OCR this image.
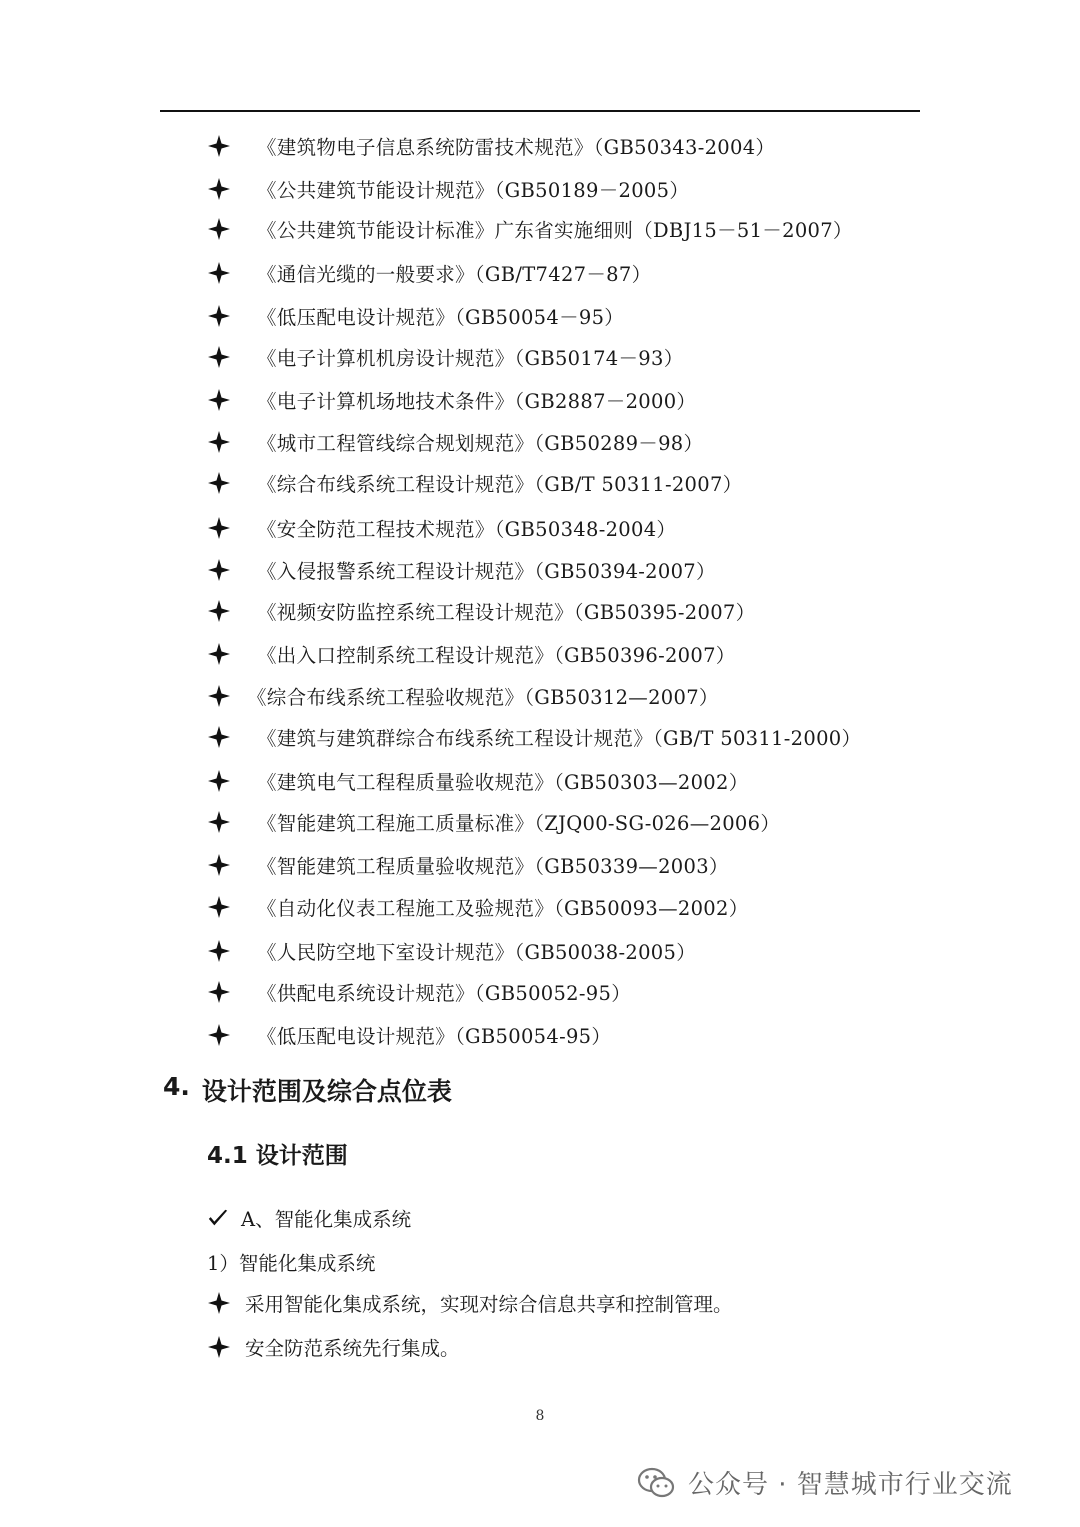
《建筑物电子信息系统防雷技术规范》（GB50343-2004）
《公共建筑节能设计规范》（GB50189－2005）
《公共建筑节能设计标准》广东省实施细则（DBJ15－51－2007）
《通信光缆的一般要求》（GB/T7427－87）
《低压配电设计规范》（GB50054－95）
《电子计算机机房设计规范》（GB50174－93）
《电子计算机场地技术条件》（GB2887－2000）
《城市工程管线综合规划规范》（GB50289－98）
《综合布线系统工程设计规范》（GB/T 50311-2007）
《安全防范工程技术规范》（GB50348-2004）
《入侵报警系统工程设计规范》（GB50394-2007）
《视频安防监控系统工程设计规范》（GB50395-2007）
《出入口控制系统工程设计规范》（GB50396-2007）
《综合布线系统工程验收规范》（GB50312—2007）
《建筑与建筑群综合布线系统工程设计规范》（GB/T 50311-2000）
《建筑电气工程程质量验收规范》（GB50303—2002）
《智能建筑工程施工质量标准》（ZJQ00-SG-026—2006）
《智能建筑工程质量验收规范》（GB50339—2003）
《自动化仪表工程施工及验规范》（GB50093—2002）
《人民防空地下室设计规范》（GB50038-2005）
《供配电系统设计规范》（GB50052-95）
《低压配电设计规范》（GB50054-95）
4. 设计范围及综合点位表
4.1 设计范围
A、智能化集成系统
1）智能化集成系统
采用智能化集成系统，实现对综合信息共享和控制管理。
安全防范系统先行集成。
8
公众号 · 智慧城市行业交流
